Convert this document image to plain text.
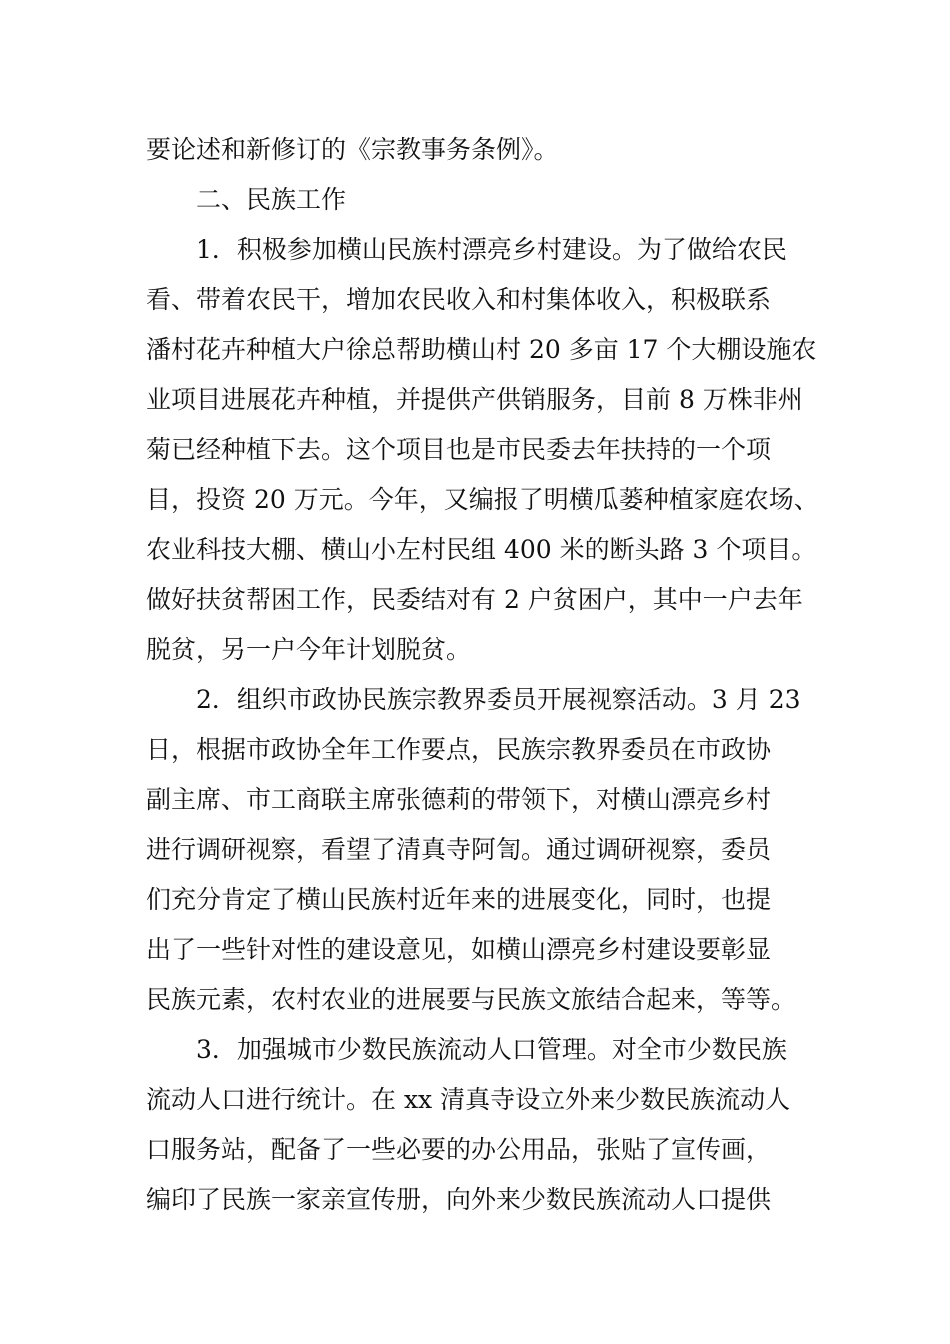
要论述和新修订的《宗教事务条例》。
二、民族工作
1．积极参加横山民族村漂亮乡村建设。为了做给农民
看、带着农民干，增加农民收入和村集体收入，积极联系
潘村花卉种植大户徐总帮助横山村 20 多亩 17 个大棚设施农
业项目进展花卉种植，并提供产供销服务，目前 8 万株非州
菊已经种植下去。这个项目也是市民委去年扶持的一个项
目，投资 20 万元。今年，又编报了明横瓜蒌种植家庭农场、
农业科技大棚、横山小左村民组 400 米的断头路 3 个项目。
做好扶贫帮困工作，民委结对有 2 户贫困户，其中一户去年
脱贫，另一户今年计划脱贫。
2．组织市政协民族宗教界委员开展视察活动。3 月 23
日，根据市政协全年工作要点，民族宗教界委员在市政协
副主席、市工商联主席张德莉的带领下，对横山漂亮乡村
进行调研视察，看望了清真寺阿訇。通过调研视察，委员
们充分肯定了横山民族村近年来的进展变化，同时，也提
出了一些针对性的建设意见，如横山漂亮乡村建设要彰显
民族元素，农村农业的进展要与民族文旅结合起来，等等。
3．加强城市少数民族流动人口管理。对全市少数民族
流动人口进行统计。在 xx 清真寺设立外来少数民族流动人
口服务站，配备了一些必要的办公用品，张贴了宣传画，
编印了民族一家亲宣传册，向外来少数民族流动人口提供
